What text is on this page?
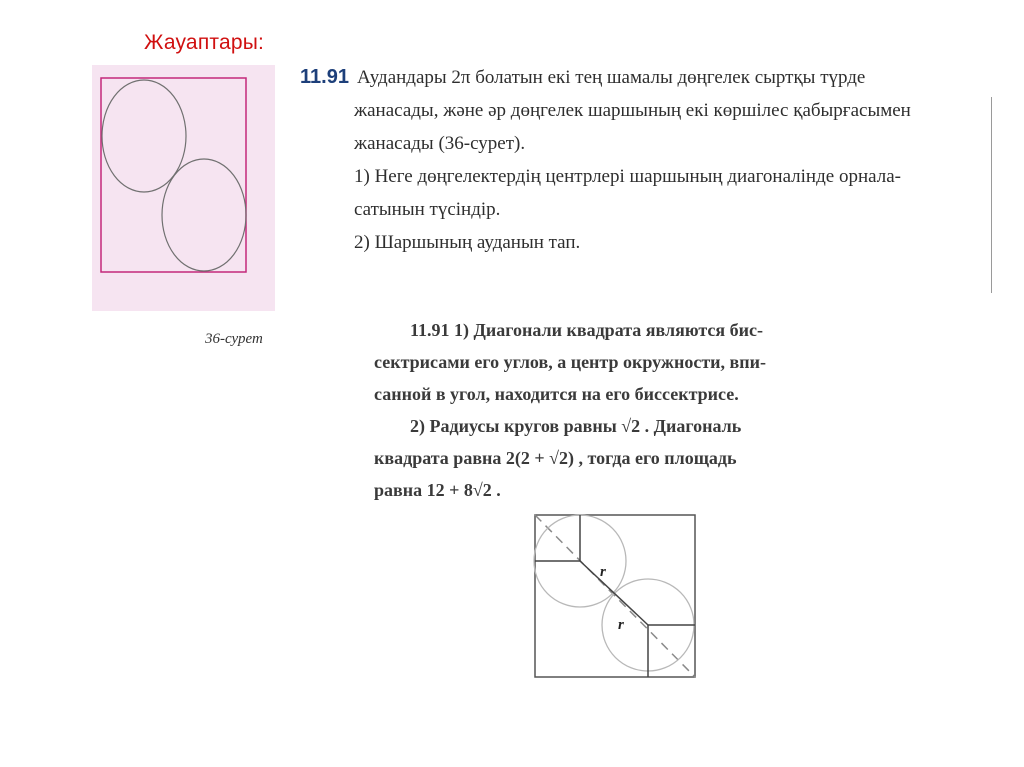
Жауаптары:
36-сурет

11.91 Аудандары 2π болатын екі тең шамалы дөңгелек сыртқы түрде

жанасады, және әр дөңгелек шаршының екі көршілес қабырғасымен

жанасады (36-сурет).

1) Неге дөңгелектердің центрлері шаршының диагоналінде орнала-

сатынын түсіндір.

2) Шаршының ауданын тап.

11.91 1) Диагонали квадрата являются бис-

сектрисами его углов, а центр окружности, впи-

санной в угол, находится на его биссектрисе.

2) Радиусы кругов равны √2 . Диагональ

квадрата равна 2(2 + √2) , тогда его площадь

равна 12 + 8√2 .

r
r
